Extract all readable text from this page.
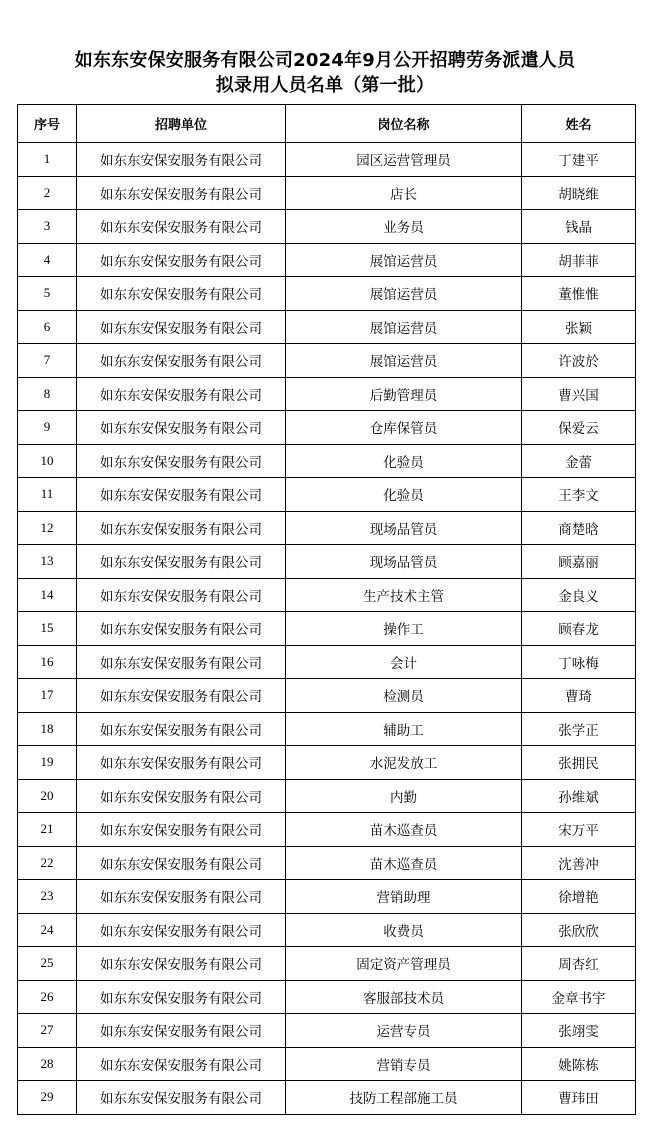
如东东安保安服务有限公司2024年9月公开招聘劳务派遣人员
拟录用人员名单（第一批）
序号	招聘单位	岗位名称	姓名
1	如东东安保安服务有限公司	园区运营管理员	丁建平
2	如东东安保安服务有限公司	店长	胡晓维
3	如东东安保安服务有限公司	业务员	钱晶
4	如东东安保安服务有限公司	展馆运营员	胡菲菲
5	如东东安保安服务有限公司	展馆运营员	董惟惟
6	如东东安保安服务有限公司	展馆运营员	张颖
7	如东东安保安服务有限公司	展馆运营员	许波於
8	如东东安保安服务有限公司	后勤管理员	曹兴国
9	如东东安保安服务有限公司	仓库保管员	保爱云
10	如东东安保安服务有限公司	化验员	金蕾
11	如东东安保安服务有限公司	化验员	王李文
12	如东东安保安服务有限公司	现场品管员	商楚晗
13	如东东安保安服务有限公司	现场品管员	顾嘉丽
14	如东东安保安服务有限公司	生产技术主管	金良义
15	如东东安保安服务有限公司	操作工	顾春龙
16	如东东安保安服务有限公司	会计	丁咏梅
17	如东东安保安服务有限公司	检测员	曹琦
18	如东东安保安服务有限公司	辅助工	张学正
19	如东东安保安服务有限公司	水泥发放工	张拥民
20	如东东安保安服务有限公司	内勤	孙维斌
21	如东东安保安服务有限公司	苗木巡查员	宋万平
22	如东东安保安服务有限公司	苗木巡查员	沈善冲
23	如东东安保安服务有限公司	营销助理	徐增艳
24	如东东安保安服务有限公司	收费员	张欣欣
25	如东东安保安服务有限公司	固定资产管理员	周杏红
26	如东东安保安服务有限公司	客服部技术员	金章书宇
27	如东东安保安服务有限公司	运营专员	张翊雯
28	如东东安保安服务有限公司	营销专员	姚陈栋
29	如东东安保安服务有限公司	技防工程部施工员	曹玮田
